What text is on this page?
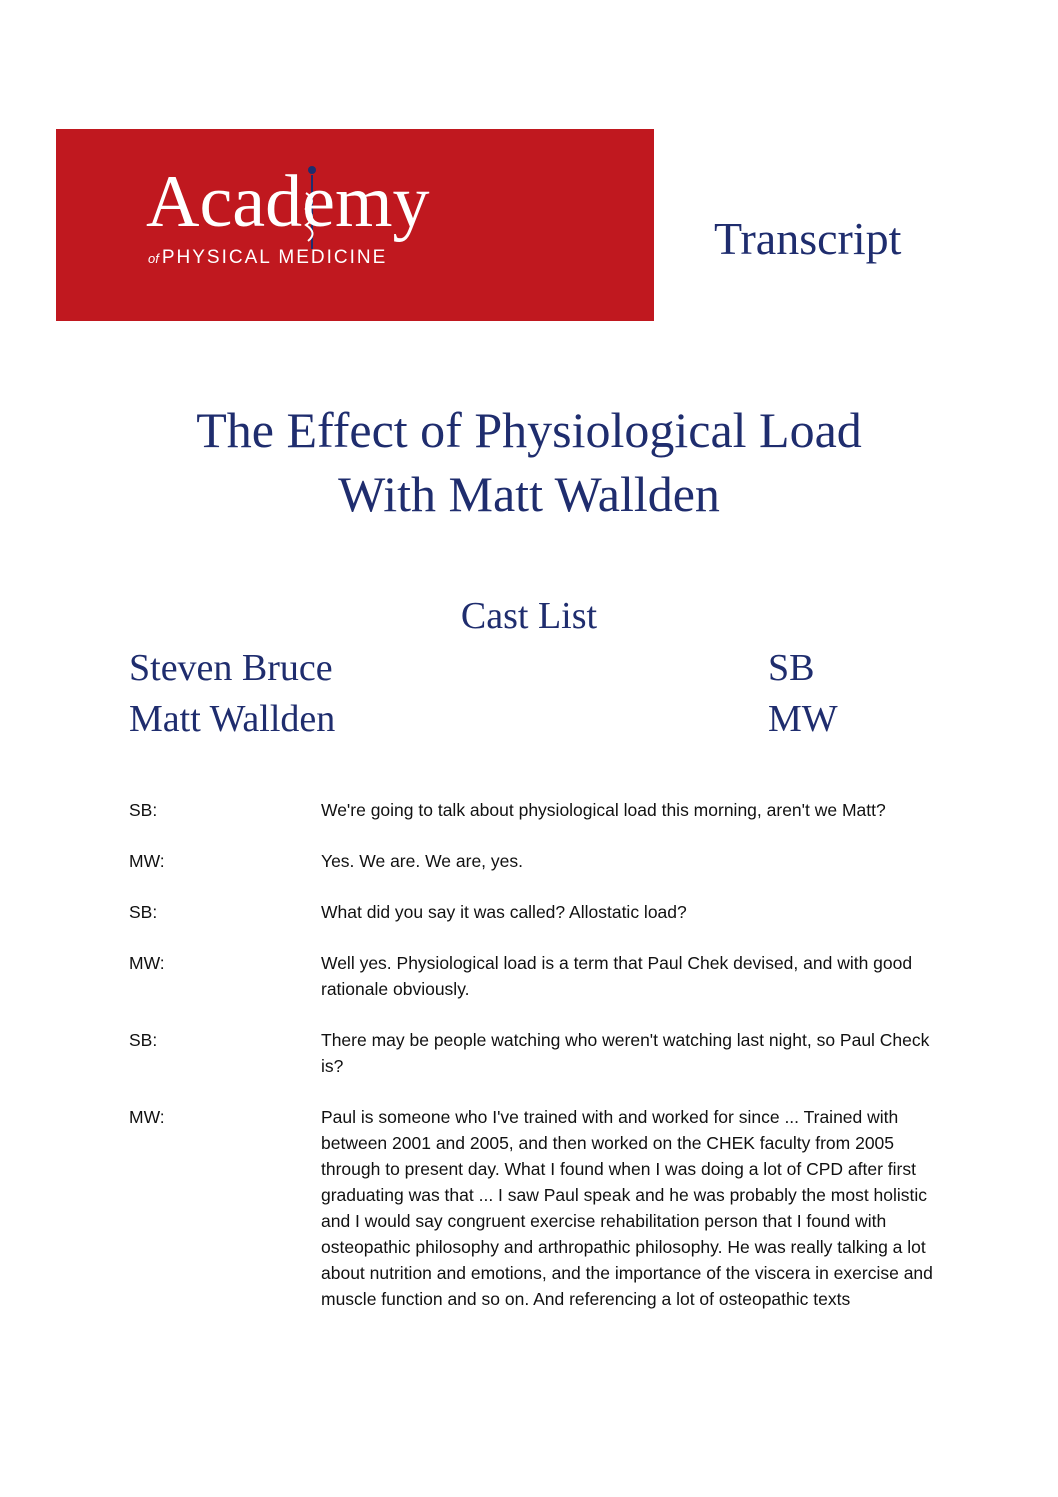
Academy
of PHYSICAL MEDICINE	Transcript
The Effect of Physiological Load
With Matt Wallden
Cast List
Steven Bruce	SB
Matt Wallden	MW
SB:	We're going to talk about physiological load this morning, aren't we Matt?
MW:	Yes. We are. We are, yes.
SB:	What did you say it was called? Allostatic load?
MW:	Well yes. Physiological load is a term that Paul Chek devised, and with good rationale obviously.
SB:	There may be people watching who weren't watching last night, so Paul Check is?
MW:	Paul is someone who I've trained with and worked for since ... Trained with between 2001 and 2005, and then worked on the CHEK faculty from 2005 through to present day. What I found when I was doing a lot of CPD after first graduating was that ... I saw Paul speak and he was probably the most holistic and I would say congruent exercise rehabilitation person that I found with osteopathic philosophy and arthropathic philosophy. He was really talking a lot about nutrition and emotions, and the importance of the viscera in exercise and muscle function and so on. And referencing a lot of osteopathic texts
